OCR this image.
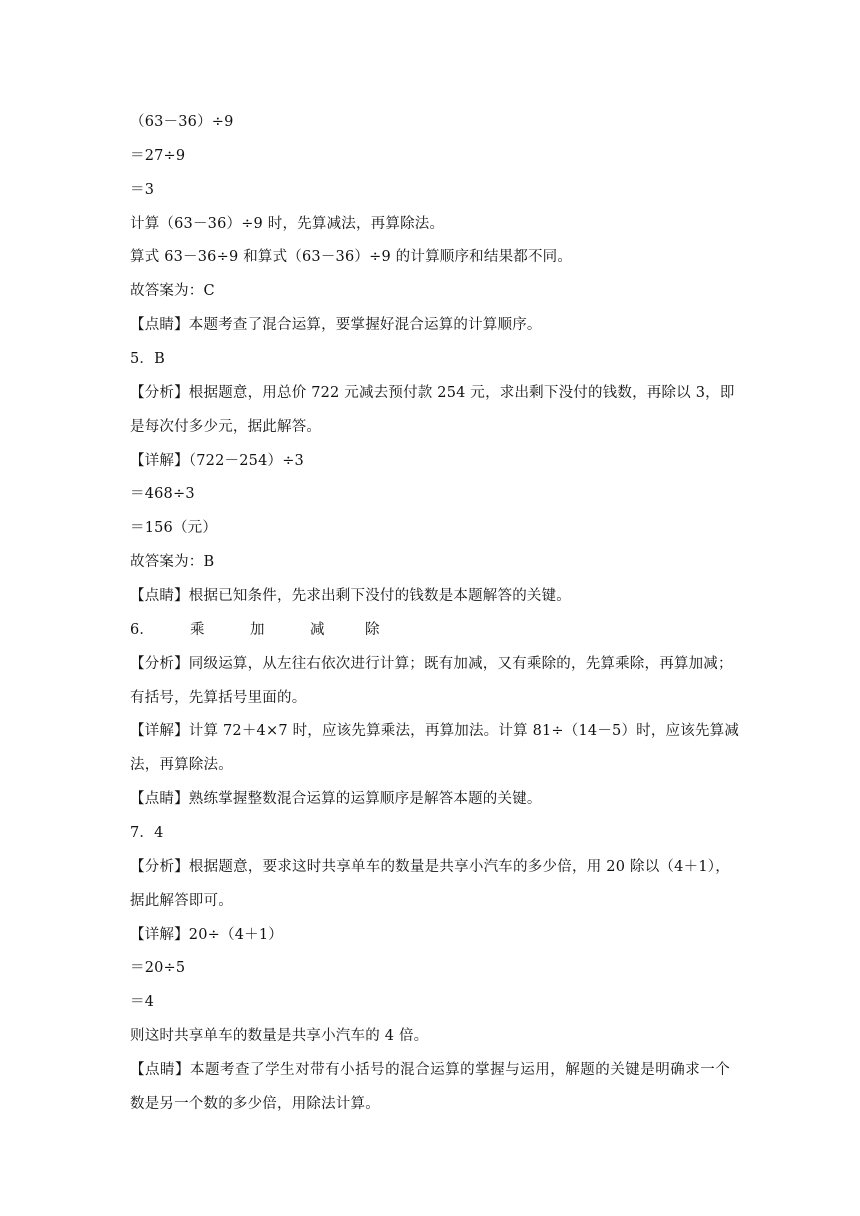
（63－36）÷9
＝27÷9
＝3
计算（63－36）÷9 时，先算减法，再算除法。
算式 63－36÷9 和算式（63－36）÷9 的计算顺序和结果都不同。
故答案为：C
【点睛】本题考查了混合运算，要掌握好混合运算的计算顺序。
5．B
【分析】根据题意，用总价 722 元减去预付款 254 元，求出剩下没付的钱数，再除以 3，即
是每次付多少元，据此解答。
【详解】（722－254）÷3
＝468÷3
＝156（元）
故答案为：B
【点睛】根据已知条件，先求出剩下没付的钱数是本题解答的关键。
6． 乘	加	减	除
【分析】同级运算，从左往右依次进行计算；既有加减，又有乘除的，先算乘除，再算加减；
有括号，先算括号里面的。
【详解】计算 72＋4×7 时，应该先算乘法，再算加法。计算 81÷（14－5）时，应该先算减
法，再算除法。
【点睛】熟练掌握整数混合运算的运算顺序是解答本题的关键。
7．4
【分析】根据题意，要求这时共享单车的数量是共享小汽车的多少倍，用 20 除以（4＋1），
据此解答即可。
【详解】20÷（4＋1）
＝20÷5
＝4
则这时共享单车的数量是共享小汽车的 4 倍。
【点睛】本题考查了学生对带有小括号的混合运算的掌握与运用，解题的关键是明确求一个
数是另一个数的多少倍，用除法计算。
